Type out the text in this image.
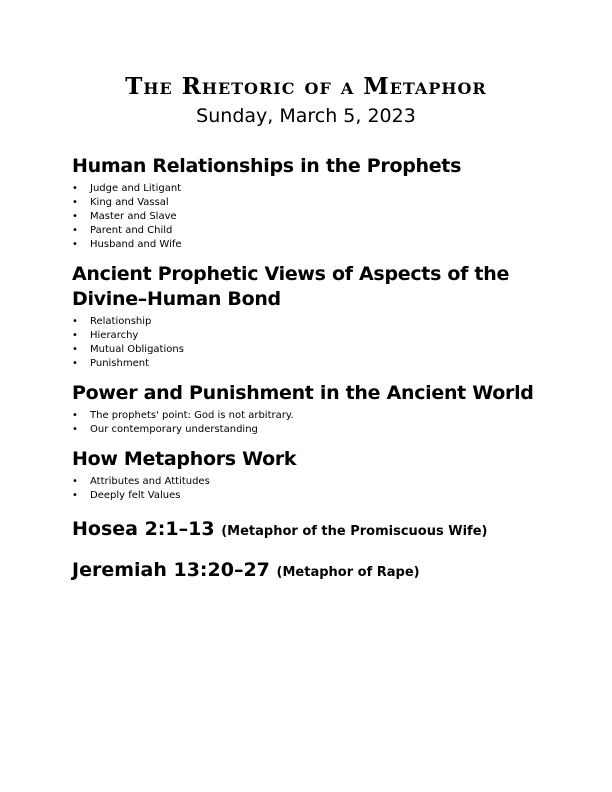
The Rhetoric of a Metaphor
Sunday, March 5, 2023
Human Relationships in the Prophets
• Judge and Litigant
• King and Vassal
• Master and Slave
• Parent and Child
• Husband and Wife
Ancient Prophetic Views of Aspects of the
Divine–Human Bond
• Relationship
• Hierarchy
• Mutual Obligations
• Punishment
Power and Punishment in the Ancient World
• The prophets' point: God is not arbitrary.
• Our contemporary understanding
How Metaphors Work
• Attributes and Attitudes
• Deeply felt Values
Hosea 2:1–13 (Metaphor of the Promiscuous Wife)
Jeremiah 13:20–27 (Metaphor of Rape)
